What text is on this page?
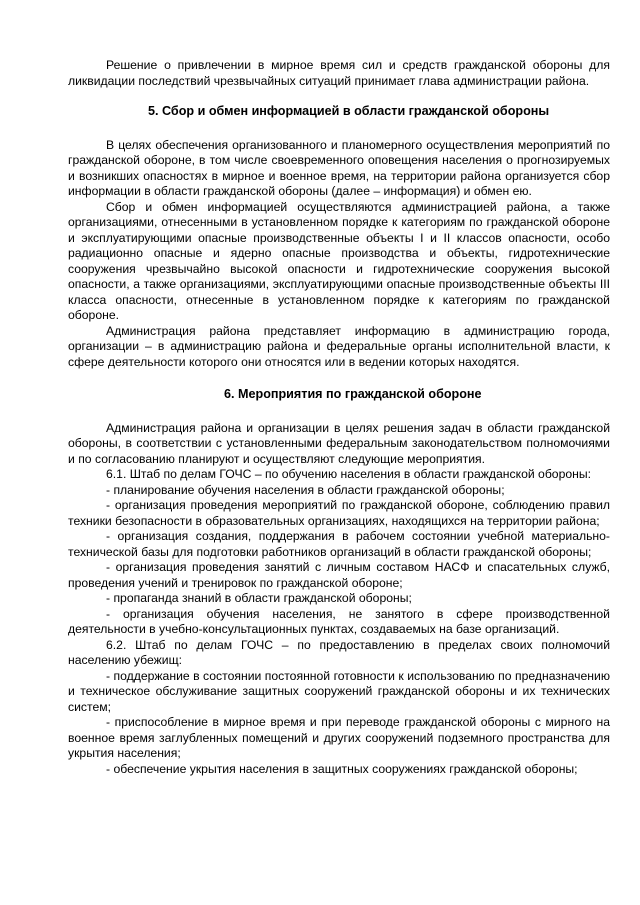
Решение о привлечении в мирное время сил и средств гражданской обороны для ликвидации последствий чрезвычайных ситуаций принимает глава администрации района.

5. Сбор и обмен информацией в области гражданской обороны

В целях обеспечения организованного и планомерного осуществления мероприятий по гражданской обороне, в том числе своевременного оповещения населения о прогнозируемых и возникших опасностях в мирное и военное время, на территории района организуется сбор информации в области гражданской обороны (далее – информация) и обмен ею.

Сбор и обмен информацией осуществляются администрацией района, а также организациями, отнесенными в установленном порядке к категориям по гражданской обороне и эксплуатирующими опасные производственные объекты I и II классов опасности, особо радиационно опасные и ядерно опасные производства и объекты, гидротехнические сооружения чрезвычайно высокой опасности и гидротехнические сооружения высокой опасности, а также организациями, эксплуатирующими опасные производственные объекты III класса опасности, отнесенные в установленном порядке к категориям по гражданской обороне.

Администрация района представляет информацию в администрацию города, организации – в администрацию района и федеральные органы исполнительной власти, к сфере деятельности которого они относятся или в ведении которых находятся.

6. Мероприятия по гражданской обороне

Администрация района и организации в целях решения задач в области гражданской обороны, в соответствии с установленными федеральным законодательством полномочиями и по согласованию планируют и осуществляют следующие мероприятия.

6.1. Штаб по делам ГОЧС – по обучению населения в области гражданской обороны:

- планирование обучения населения в области гражданской обороны;

- организация проведения мероприятий по гражданской обороне, соблюдению правил техники безопасности в образовательных организациях, находящихся на территории района;

- организация создания, поддержания в рабочем состоянии учебной материально-технической базы для подготовки работников организаций в области гражданской обороны;

- организация проведения занятий с личным составом НАСФ и спасательных служб, проведения учений и тренировок по гражданской обороне;

- пропаганда знаний в области гражданской обороны;

- организация обучения населения, не занятого в сфере производственной деятельности в учебно-консультационных пунктах, создаваемых на базе организаций.

6.2. Штаб по делам ГОЧС – по предоставлению в пределах своих полномочий населению убежищ:

- поддержание в состоянии постоянной готовности к использованию по предназначению и техническое обслуживание защитных сооружений гражданской обороны и их технических систем;

- приспособление в мирное время и при переводе гражданской обороны с мирного на военное время заглубленных помещений и других сооружений подземного пространства для укрытия населения;

- обеспечение укрытия населения в защитных сооружениях гражданской обороны;
